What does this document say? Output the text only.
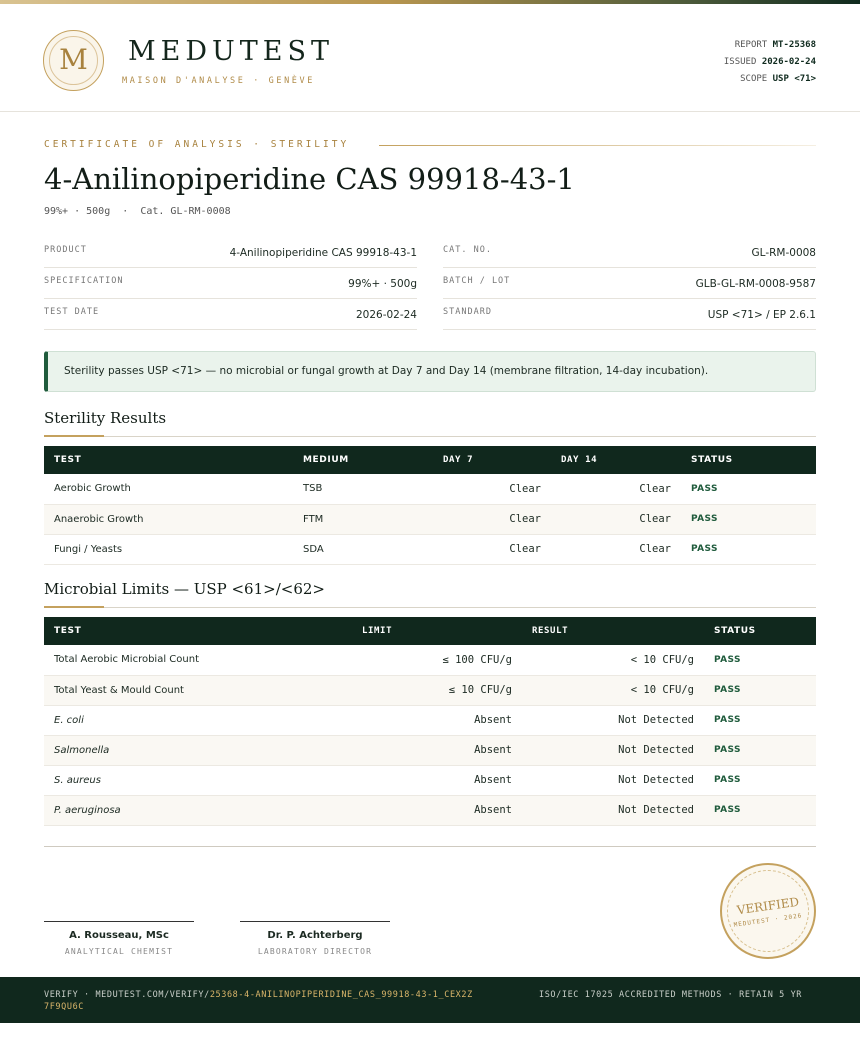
M	MEDUTEST
MAISON D'ANALYSE · GENÈVE
REPORT MT-25368
ISSUED 2026-02-24
SCOPE USP <71>
CERTIFICATE OF ANALYSIS · STERILITY
4-Anilinopiperidine CAS 99918-43-1
99%+ · 500g  ·  Cat. GL-RM-0008
PRODUCT	4-Anilinopiperidine CAS 99918-43-1
SPECIFICATION	99%+ · 500g
TEST DATE	2026-02-24
CAT. NO.	GL-RM-0008
BATCH / LOT	GLB-GL-RM-0008-9587
STANDARD	USP <71> / EP 2.6.1
Sterility passes USP <71> — no microbial or fungal growth at Day 7 and Day 14 (membrane filtration, 14-day incubation).
Sterility Results
TEST	MEDIUM	DAY 7	DAY 14	STATUS
Aerobic Growth	TSB	Clear	Clear	PASS
Anaerobic Growth	FTM	Clear	Clear	PASS
Fungi / Yeasts	SDA	Clear	Clear	PASS
Microbial Limits — USP <61>/<62>
TEST	LIMIT	RESULT	STATUS
Total Aerobic Microbial Count	≤ 100 CFU/g	< 10 CFU/g	PASS
Total Yeast & Mould Count	≤ 10 CFU/g	< 10 CFU/g	PASS
E. coli	Absent	Not Detected	PASS
Salmonella	Absent	Not Detected	PASS
S. aureus	Absent	Not Detected	PASS
P. aeruginosa	Absent	Not Detected	PASS
A. Rousseau, MSc
ANALYTICAL CHEMIST
Dr. P. Achterberg
LABORATORY DIRECTOR
VERIFIED
MEDUTEST · 2026
VERIFY · MEDUTEST.COM/VERIFY/25368-4-ANILINOPIPERIDINE_CAS_99918-43-1_CEX2Z7F9QU6C
ISO/IEC 17025 ACCREDITED METHODS · RETAIN 5 YR
